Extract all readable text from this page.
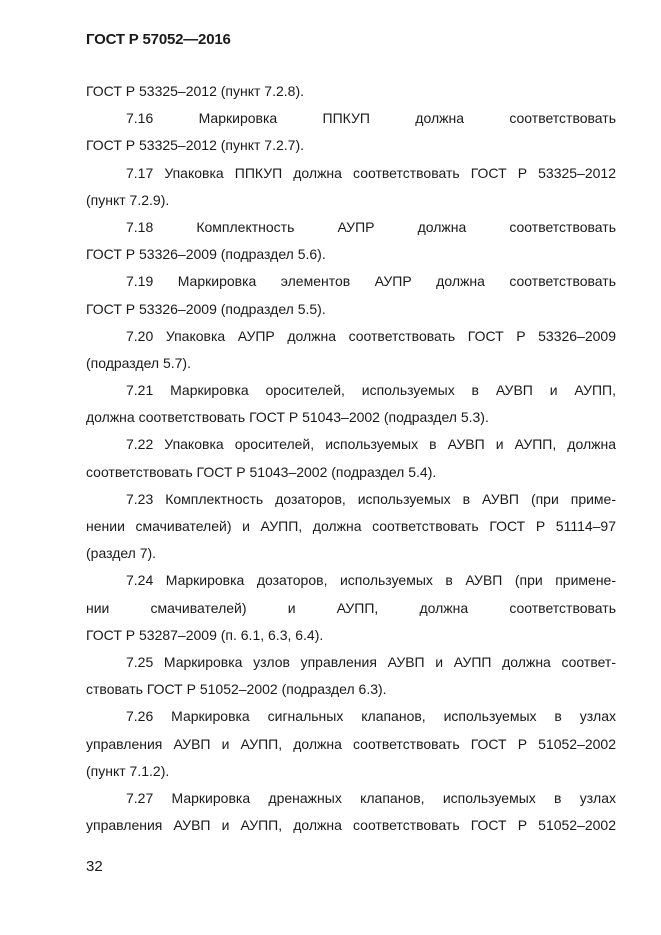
ГОСТ Р 57052—2016
ГОСТ Р 53325–2012 (пункт 7.2.8).
7.16 Маркировка ППКУП должна соответствовать
ГОСТ Р 53325–2012 (пункт 7.2.7).
7.17 Упаковка ППКУП должна соответствовать ГОСТ Р 53325–2012
(пункт 7.2.9).
7.18 Комплектность АУПР должна соответствовать
ГОСТ Р 53326–2009 (подраздел 5.6).
7.19 Маркировка элементов АУПР должна соответствовать
ГОСТ Р 53326–2009 (подраздел 5.5).
7.20 Упаковка АУПР должна соответствовать ГОСТ Р 53326–2009
(подраздел 5.7).
7.21 Маркировка оросителей, используемых в АУВП и АУПП,
должна соответствовать ГОСТ Р 51043–2002 (подраздел 5.3).
7.22 Упаковка оросителей, используемых в АУВП и АУПП, должна
соответствовать ГОСТ Р 51043–2002 (подраздел 5.4).
7.23 Комплектность дозаторов, используемых в АУВП (при приме-
нении смачивателей) и АУПП, должна соответствовать ГОСТ Р 51114–97
(раздел 7).
7.24 Маркировка дозаторов, используемых в АУВП (при примене-
нии смачивателей) и АУПП, должна соответствовать
ГОСТ Р 53287–2009 (п. 6.1, 6.3, 6.4).
7.25 Маркировка узлов управления АУВП и АУПП должна соответ-
ствовать ГОСТ Р 51052–2002 (подраздел 6.3).
7.26 Маркировка сигнальных клапанов, используемых в узлах
управления АУВП и АУПП, должна соответствовать ГОСТ Р 51052–2002
(пункт 7.1.2).
7.27 Маркировка дренажных клапанов, используемых в узлах
управления АУВП и АУПП, должна соответствовать ГОСТ Р 51052–2002
32
